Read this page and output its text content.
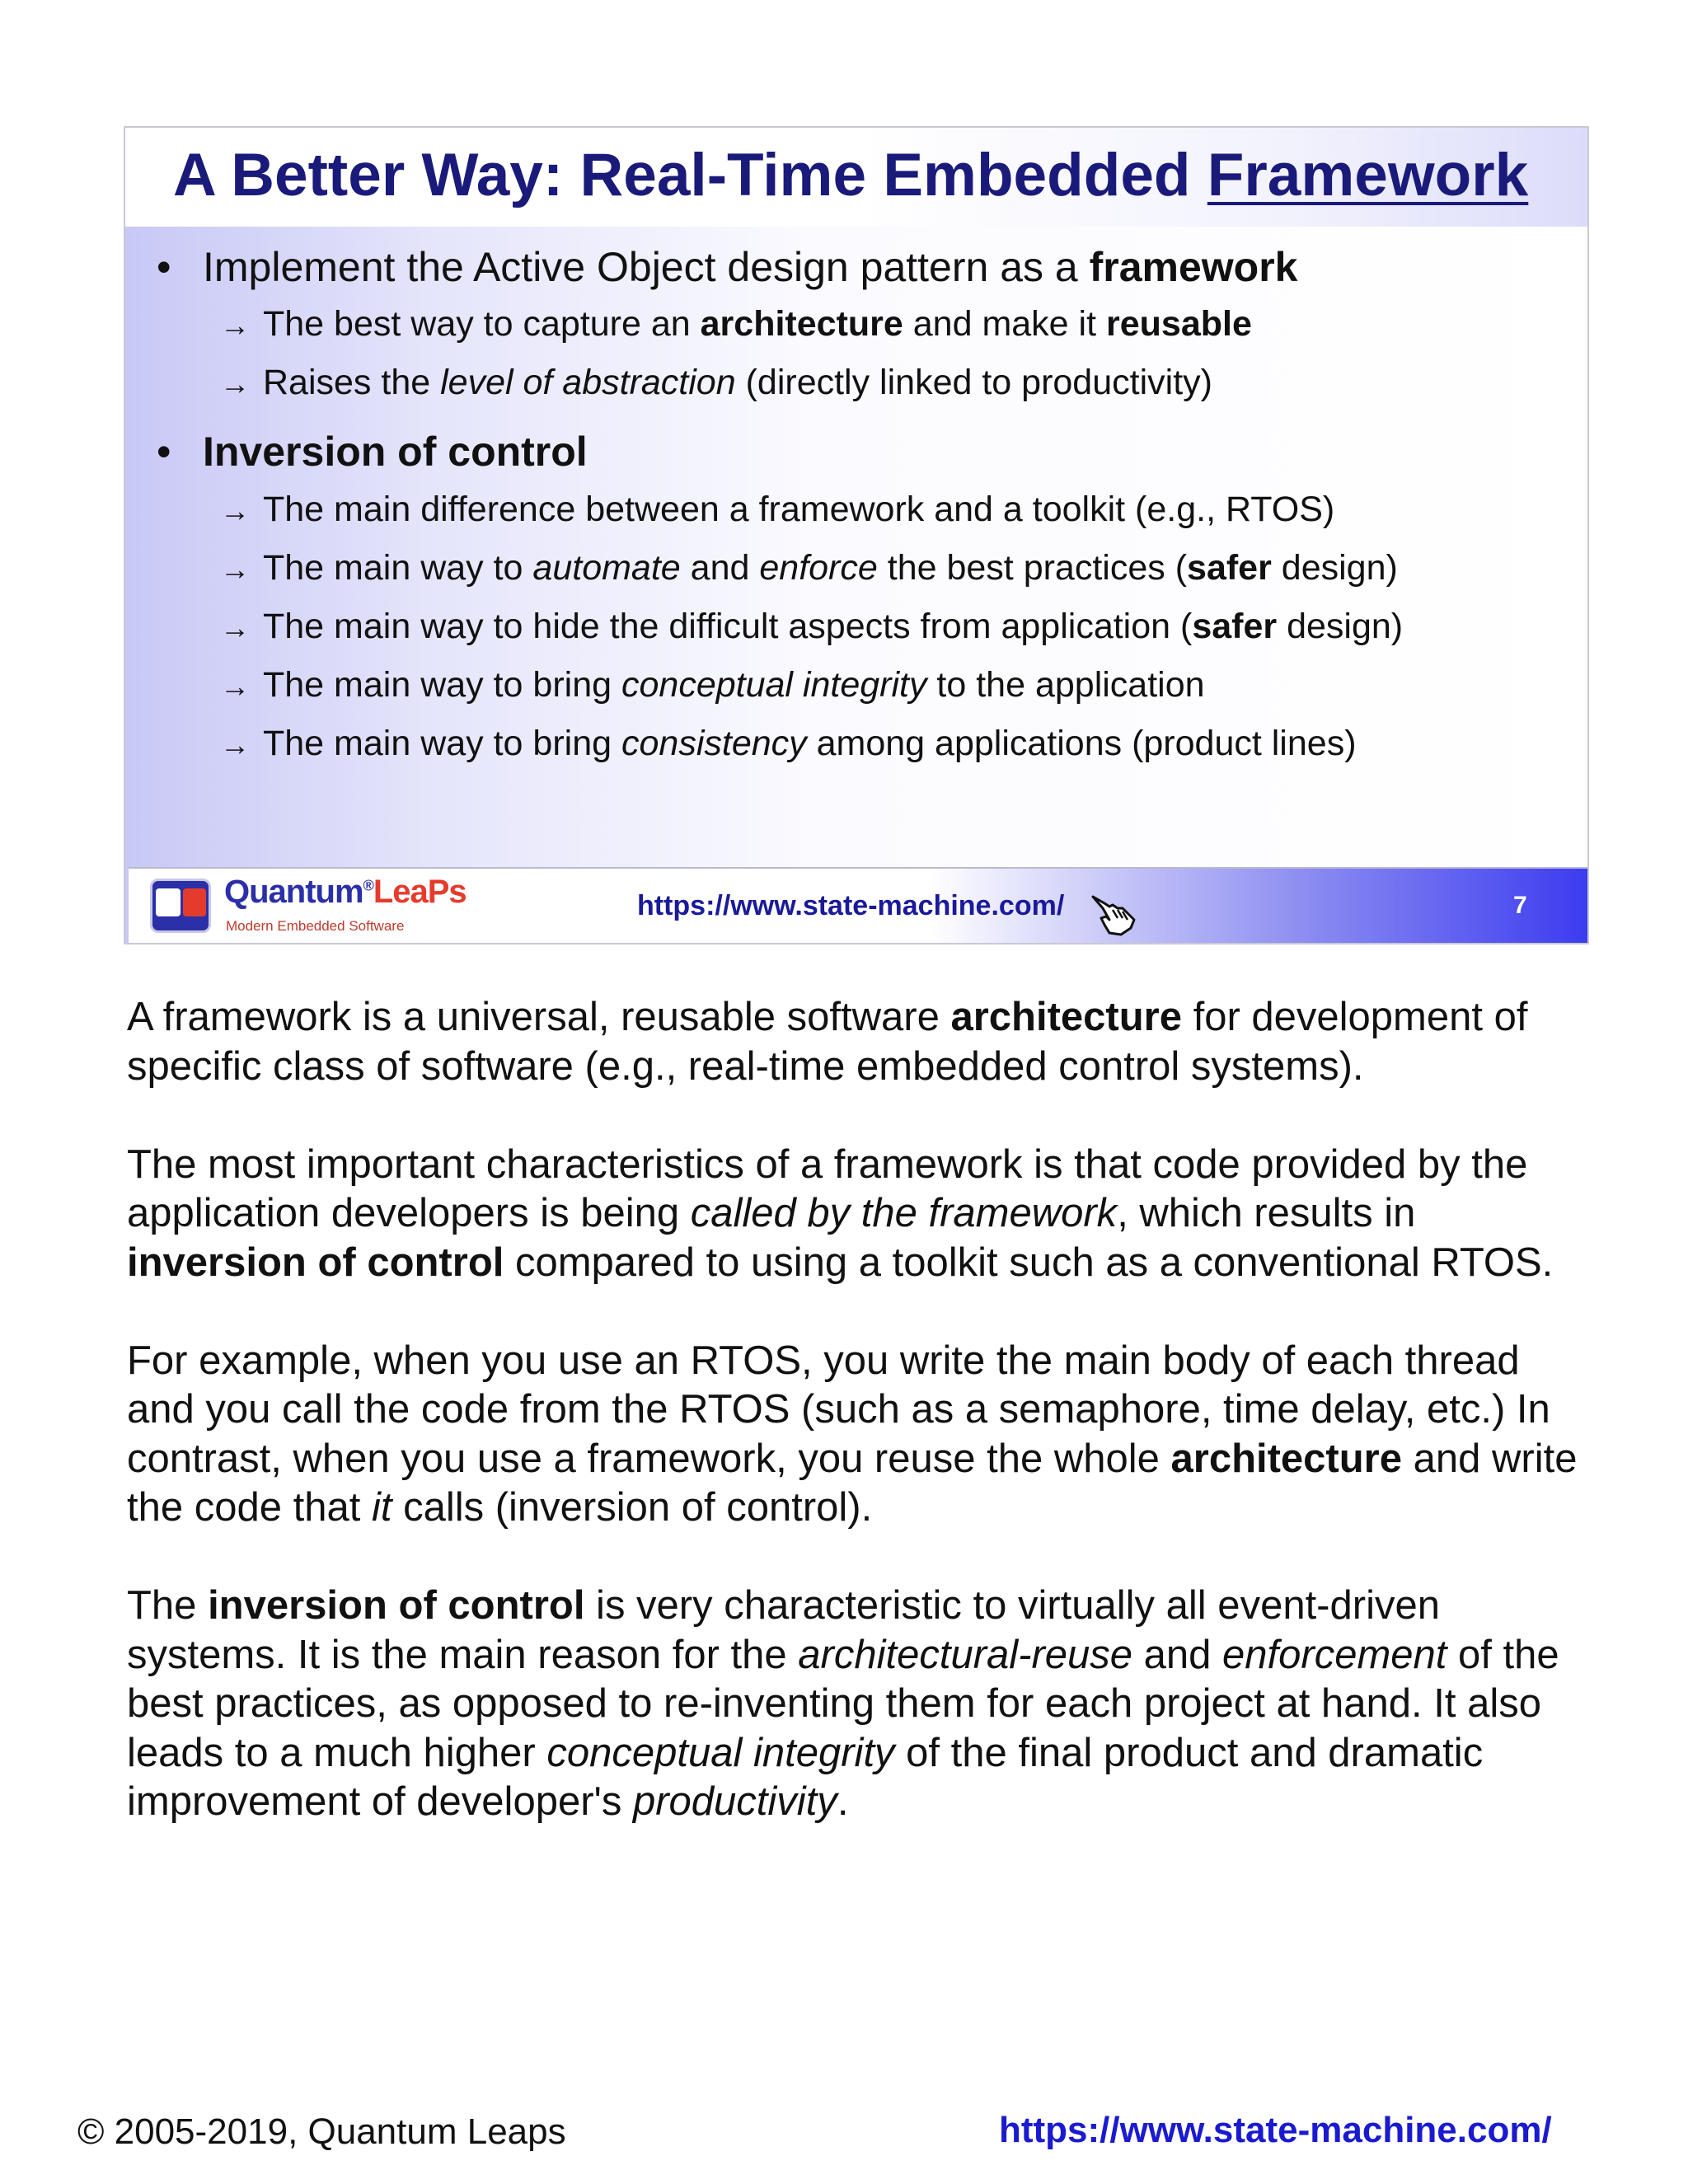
A Better Way: Real-Time Embedded Framework
• Implement the Active Object design pattern as a framework
→ The best way to capture an architecture and make it reusable
→ Raises the level of abstraction (directly linked to productivity)
• Inversion of control
→ The main difference between a framework and a toolkit (e.g., RTOS)
→ The main way to automate and enforce the best practices (safer design)
→ The main way to hide the difficult aspects from application (safer design)
→ The main way to bring conceptual integrity to the application
→ The main way to bring consistency among applications (product lines)
Quantum®LeaPs
Modern Embedded Software
https://www.state-machine.com/	7

A framework is a universal, reusable software architecture for development of specific class of software (e.g., real-time embedded control systems).

The most important characteristics of a framework is that code provided by the application developers is being called by the framework, which results in inversion of control compared to using a toolkit such as a conventional RTOS.

For example, when you use an RTOS, you write the main body of each thread and you call the code from the RTOS (such as a semaphore, time delay, etc.) In contrast, when you use a framework, you reuse the whole architecture and write the code that it calls (inversion of control).

The inversion of control is very characteristic to virtually all event-driven systems. It is the main reason for the architectural-reuse and enforcement of the best practices, as opposed to re-inventing them for each project at hand. It also leads to a much higher conceptual integrity of the final product and dramatic improvement of developer's productivity.

© 2005-2019, Quantum Leaps	https://www.state-machine.com/
